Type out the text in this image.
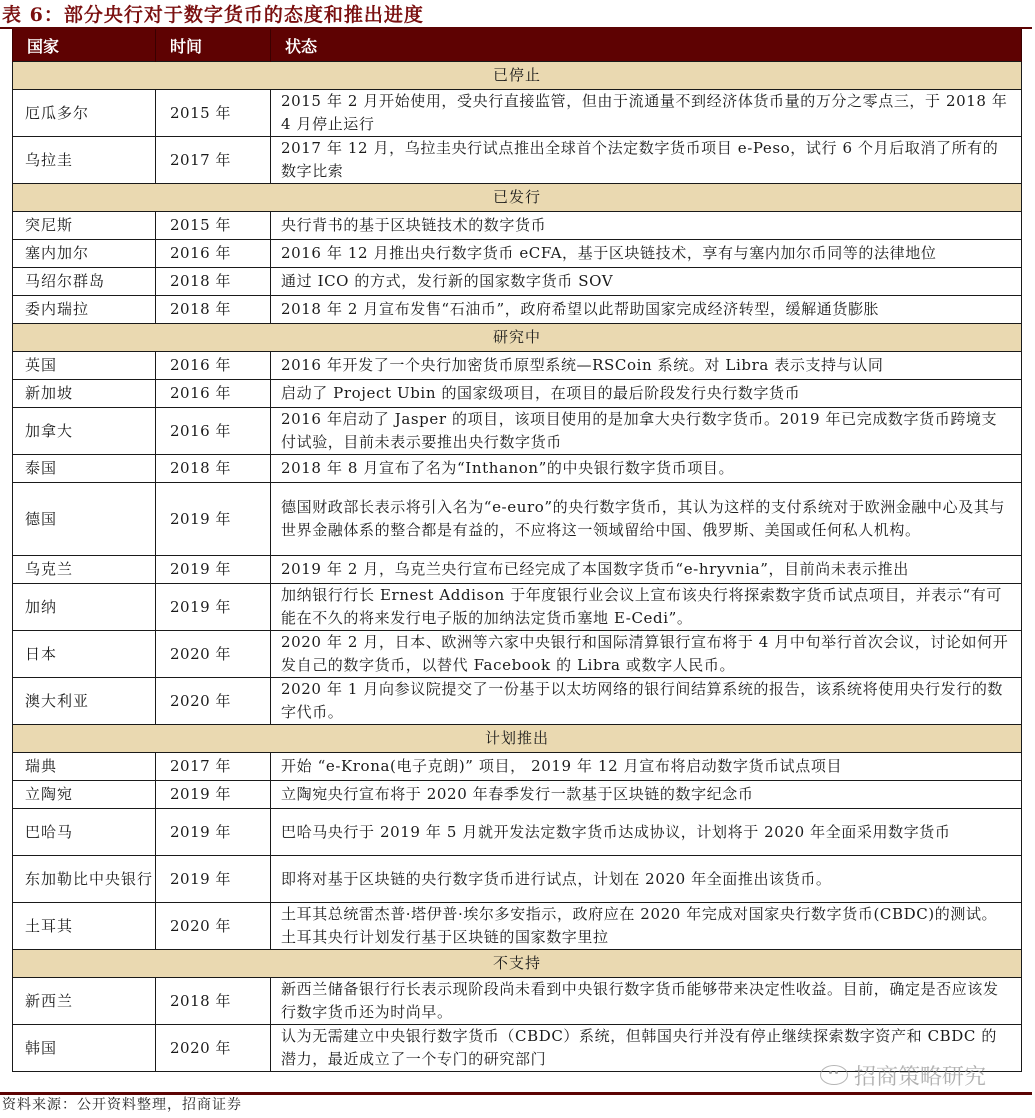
表 6：部分央行对于数字货币的态度和推出进度
国家	时间	状态
已停止		
厄瓜多尔	2015 年	2015 年 2 月开始使用，受央行直接监管，但由于流通量不到经济体货币量的万分之零点三，于 2018 年 4 月停止运行
乌拉圭	2017 年	2017 年 12 月，乌拉圭央行试点推出全球首个法定数字货币项目 e-Peso，试行 6 个月后取消了所有的数字比索
已发行		
突尼斯	2015 年	央行背书的基于区块链技术的数字货币
塞内加尔	2016 年	2016 年 12 月推出央行数字货币 eCFA，基于区块链技术，享有与塞内加尔币同等的法律地位
马绍尔群岛	2018 年	通过 ICO 的方式，发行新的国家数字货币 SOV
委内瑞拉	2018 年	2018 年 2 月宣布发售“石油币”，政府希望以此帮助国家完成经济转型，缓解通货膨胀
研究中		
英国	2016 年	2016 年开发了一个央行加密货币原型系统—RSCoin 系统。对 Libra 表示支持与认同
新加坡	2016 年	启动了 Project Ubin 的国家级项目，在项目的最后阶段发行央行数字货币
加拿大	2016 年	2016 年启动了 Jasper 的项目，该项目使用的是加拿大央行数字货币。2019 年已完成数字货币跨境支付试验，目前未表示要推出央行数字货币
泰国	2018 年	2018 年 8 月宣布了名为“Inthanon”的中央银行数字货币项目。
德国	2019 年	德国财政部长表示将引入名为“e-euro”的央行数字货币，其认为这样的支付系统对于欧洲金融中心及其与世界金融体系的整合都是有益的，不应将这一领域留给中国、俄罗斯、美国或任何私人机构。
乌克兰	2019 年	2019 年 2 月，乌克兰央行宣布已经完成了本国数字货币“e-hryvnia”，目前尚未表示推出
加纳	2019 年	加纳银行行长 Ernest Addison 于年度银行业会议上宣布该央行将探索数字货币试点项目，并表示“有可能在不久的将来发行电子版的加纳法定货币塞地 E-Cedi”。
日本	2020 年	2020 年 2 月，日本、欧洲等六家中央银行和国际清算银行宣布将于 4 月中旬举行首次会议，讨论如何开发自己的数字货币，以替代 Facebook 的 Libra 或数字人民币。
澳大利亚	2020 年	2020 年 1 月向参议院提交了一份基于以太坊网络的银行间结算系统的报告，该系统将使用央行发行的数字代币。
计划推出		
瑞典	2017 年	开始 “e-Krona(电子克朗)” 项目， 2019 年 12 月宣布将启动数字货币试点项目
立陶宛	2019 年	立陶宛央行宣布将于 2020 年春季发行一款基于区块链的数字纪念币
巴哈马	2019 年	巴哈马央行于 2019 年 5 月就开发法定数字货币达成协议，计划将于 2020 年全面采用数字货币
东加勒比中央银行	2019 年	即将对基于区块链的央行数字货币进行试点，计划在 2020 年全面推出该货币。
土耳其	2020 年	土耳其总统雷杰普·塔伊普·埃尔多安指示，政府应在 2020 年完成对国家央行数字货币(CBDC)的测试。土耳其央行计划发行基于区块链的国家数字里拉
不支持		
新西兰	2018 年	新西兰储备银行行长表示现阶段尚未看到中央银行数字货币能够带来决定性收益。目前，确定是否应该发行数字货币还为时尚早。
韩国	2020 年	认为无需建立中央银行数字货币（CBDC）系统，但韩国央行并没有停止继续探索数字资产和 CBDC 的潜力，最近成立了一个专门的研究部门
招商策略研究
资料来源：公开资料整理，招商证券
